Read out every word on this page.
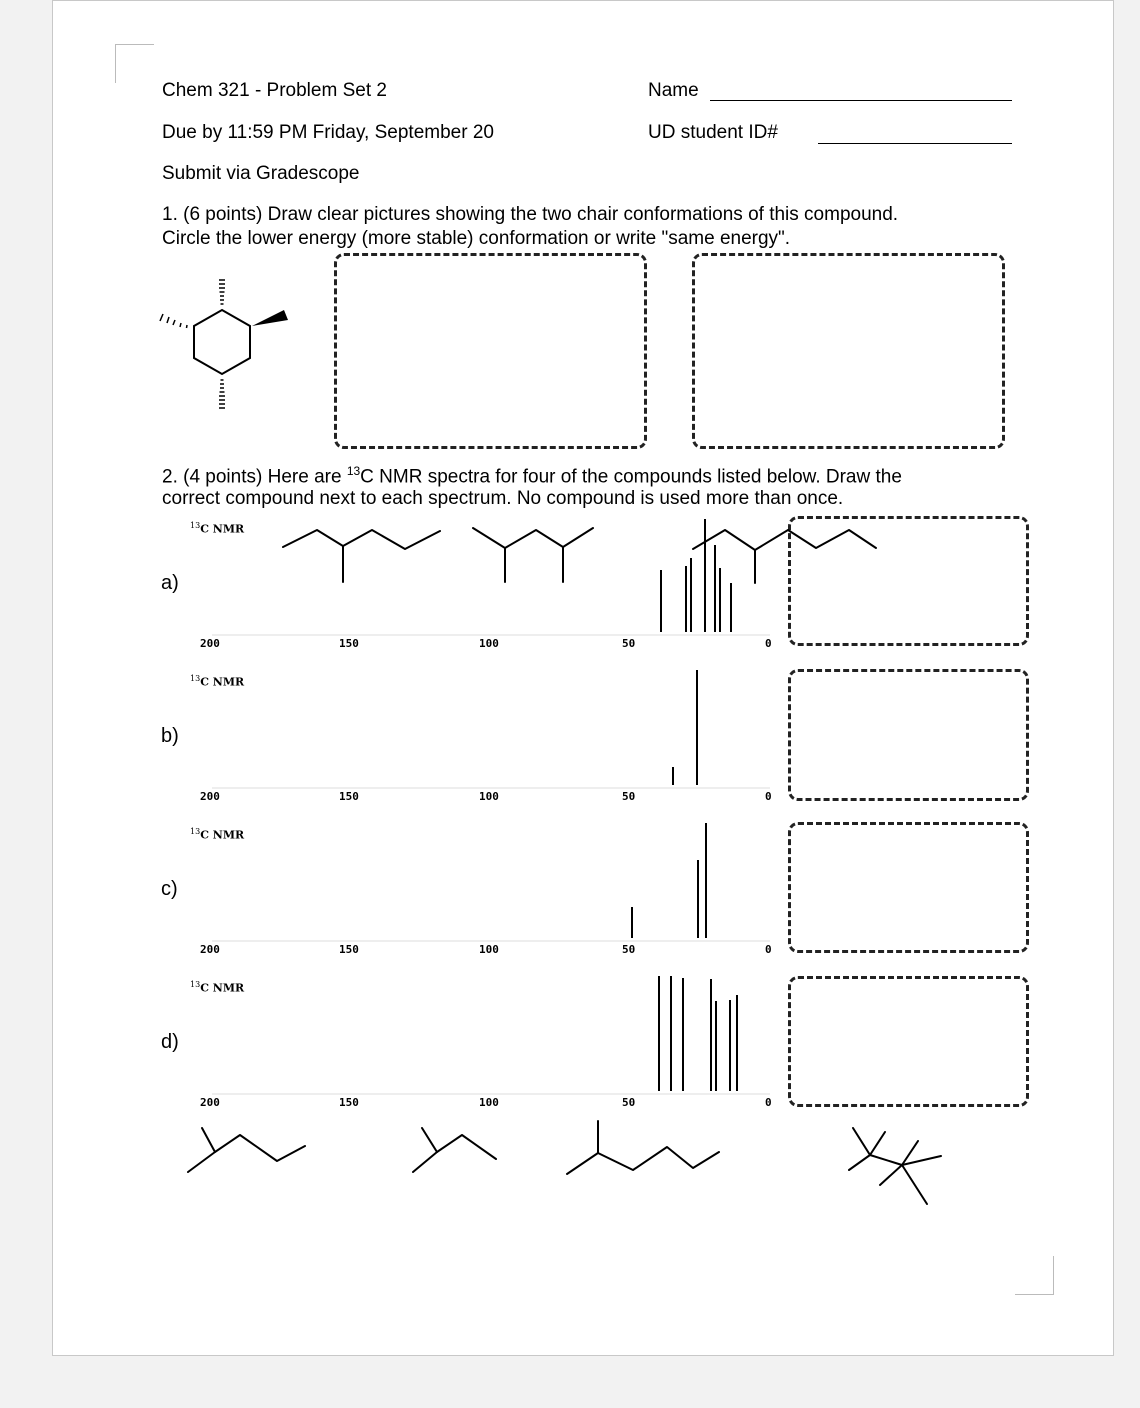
Chem 321 - Problem Set 2
Due by 11:59 PM Friday, September 20
Submit via Gradescope
Name
UD student ID#
1. (6 points) Draw clear pictures showing the two chair conformations of this compound.
Circle the lower energy (more stable) conformation or write "same energy".
2. (4 points) Here are $^{13}$C NMR spectra for four of the compounds listed below. Draw the
correct compound next to each spectrum. No compound is used more than once.
$^{13}$C NMR
a)
200	150	100	50	0
$^{13}$C NMR
b)
200	150	100	50	0
$^{13}$C NMR
c)
200	150	100	50	0
$^{13}$C NMR
d)
200	150	100	50	0
